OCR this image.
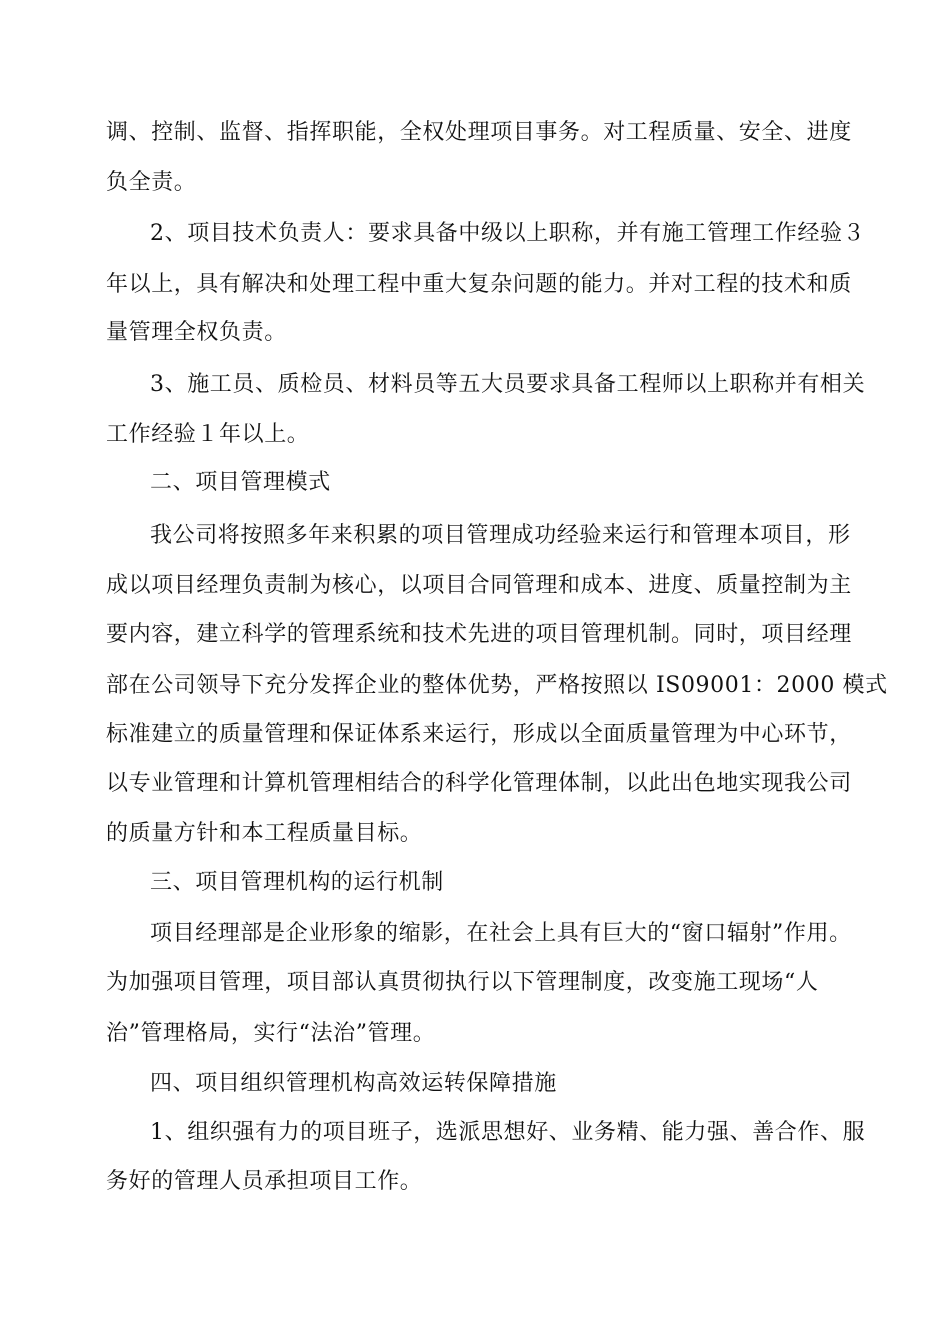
调、控制、监督、指挥职能，全权处理项目事务。对工程质量、安全、进度
负全责。
2、项目技术负责人：要求具备中级以上职称，并有施工管理工作经验３
年以上，具有解决和处理工程中重大复杂问题的能力。并对工程的技术和质
量管理全权负责。
3、施工员、质检员、材料员等五大员要求具备工程师以上职称并有相关
工作经验１年以上。
二、项目管理模式
我公司将按照多年来积累的项目管理成功经验来运行和管理本项目，形
成以项目经理负责制为核心，以项目合同管理和成本、进度、质量控制为主
要内容，建立科学的管理系统和技术先进的项目管理机制。同时，项目经理
部在公司领导下充分发挥企业的整体优势，严格按照以 IS09001：2000 模式
标准建立的质量管理和保证体系来运行，形成以全面质量管理为中心环节，
以专业管理和计算机管理相结合的科学化管理体制，以此出色地实现我公司
的质量方针和本工程质量目标。
三、项目管理机构的运行机制
项目经理部是企业形象的缩影，在社会上具有巨大的“窗口辐射”作用。
为加强项目管理，项目部认真贯彻执行以下管理制度，改变施工现场“人
治”管理格局，实行“法治”管理。
四、项目组织管理机构高效运转保障措施
1、组织强有力的项目班子，选派思想好、业务精、能力强、善合作、服
务好的管理人员承担项目工作。
